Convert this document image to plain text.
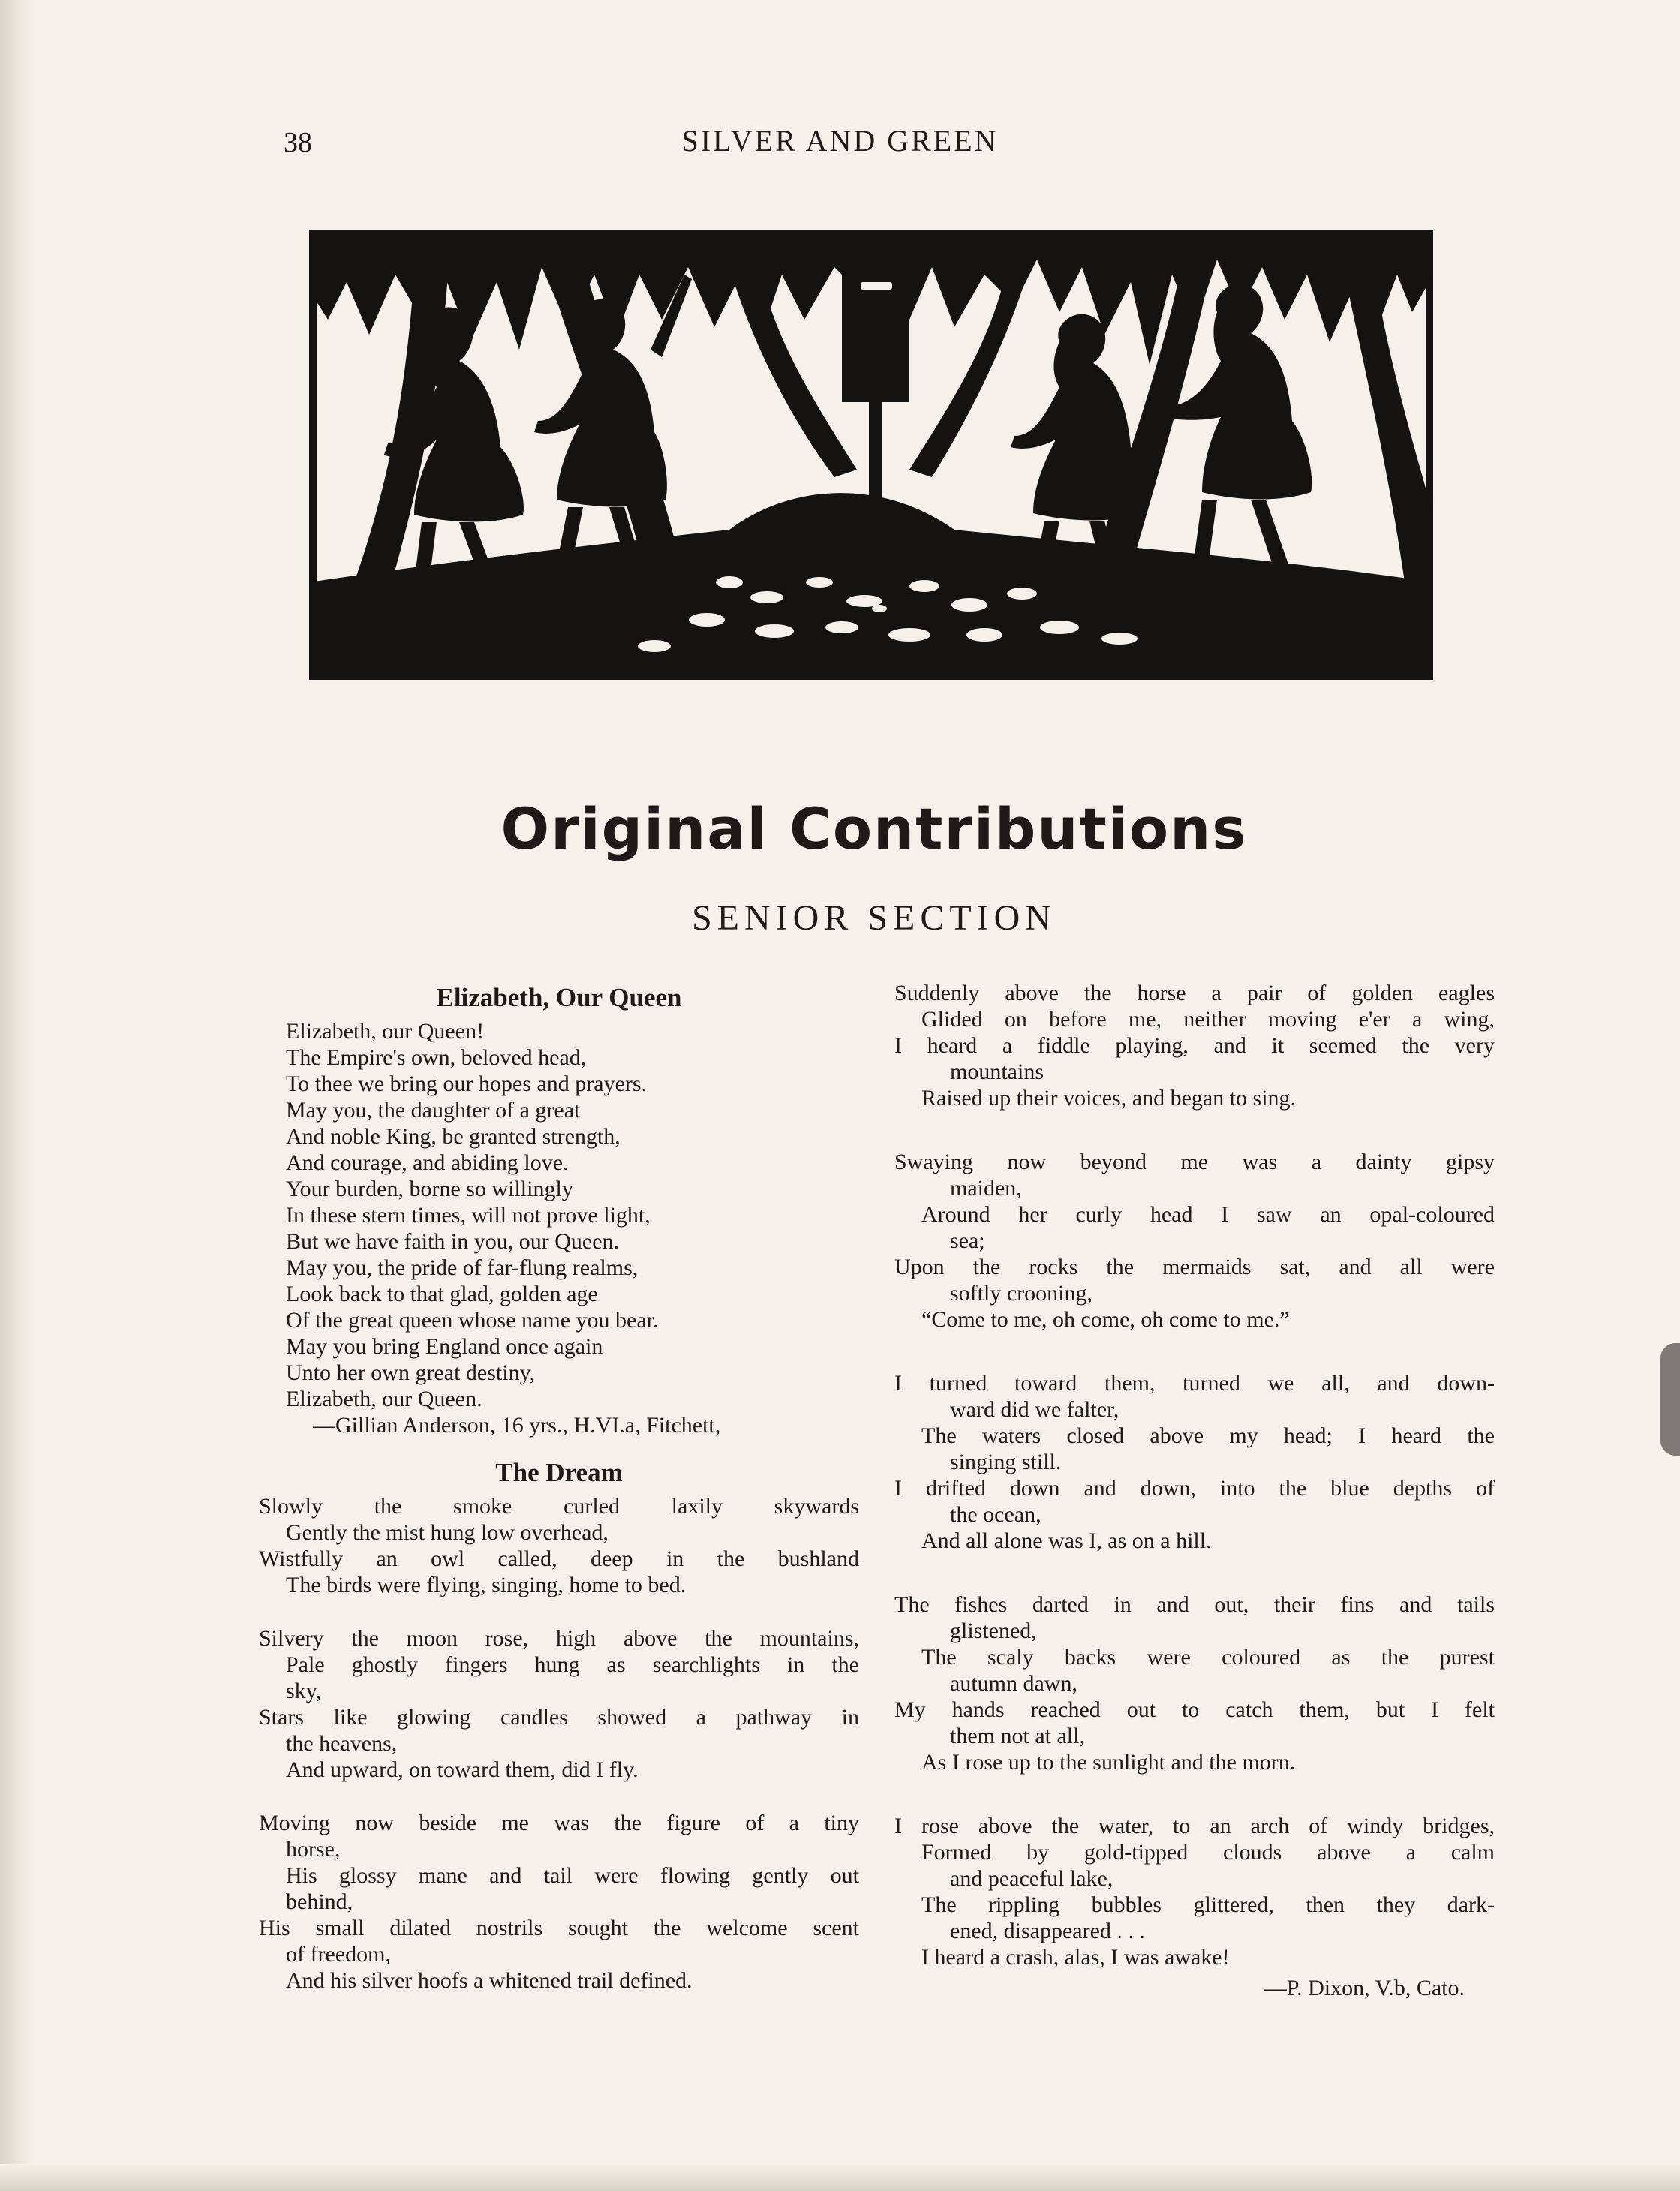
38	SILVER AND GREEN
Original Contributions
SENIOR SECTION
Elizabeth, Our Queen
Elizabeth, our Queen!
The Empire's own, beloved head,
To thee we bring our hopes and prayers.
May you, the daughter of a great
And noble King, be granted strength,
And courage, and abiding love.
Your burden, borne so willingly
In these stern times, will not prove light,
But we have faith in you, our Queen.
May you, the pride of far-flung realms,
Look back to that glad, golden age
Of the great queen whose name you bear.
May you bring England once again
Unto her own great destiny,
Elizabeth, our Queen.
—Gillian Anderson, 16 yrs., H.VI.a, Fitchett,
The Dream
Slowly the smoke curled laxily skywards
Gently the mist hung low overhead,
Wistfully an owl called, deep in the bushland
The birds were flying, singing, home to bed.
Silvery the moon rose, high above the mountains,
Pale ghostly fingers hung as searchlights in the
sky,
Stars like glowing candles showed a pathway in
the heavens,
And upward, on toward them, did I fly.
Moving now beside me was the figure of a tiny
horse,
His glossy mane and tail were flowing gently out
behind,
His small dilated nostrils sought the welcome scent
of freedom,
And his silver hoofs a whitened trail defined.
Suddenly above the horse a pair of golden eagles
Glided on before me, neither moving e'er a wing,
I heard a fiddle playing, and it seemed the very
mountains
Raised up their voices, and began to sing.
Swaying now beyond me was a dainty gipsy
maiden,
Around her curly head I saw an opal-coloured
sea;
Upon the rocks the mermaids sat, and all were
softly crooning,
“Come to me, oh come, oh come to me.”
I turned toward them, turned we all, and down-
ward did we falter,
The waters closed above my head; I heard the
singing still.
I drifted down and down, into the blue depths of
the ocean,
And all alone was I, as on a hill.
The fishes darted in and out, their fins and tails
glistened,
The scaly backs were coloured as the purest
autumn dawn,
My hands reached out to catch them, but I felt
them not at all,
As I rose up to the sunlight and the morn.
I rose above the water, to an arch of windy bridges,
Formed by gold-tipped clouds above a calm
and peaceful lake,
The rippling bubbles glittered, then they dark-
ened, disappeared . . .
I heard a crash, alas, I was awake!
—P. Dixon, V.b, Cato.
